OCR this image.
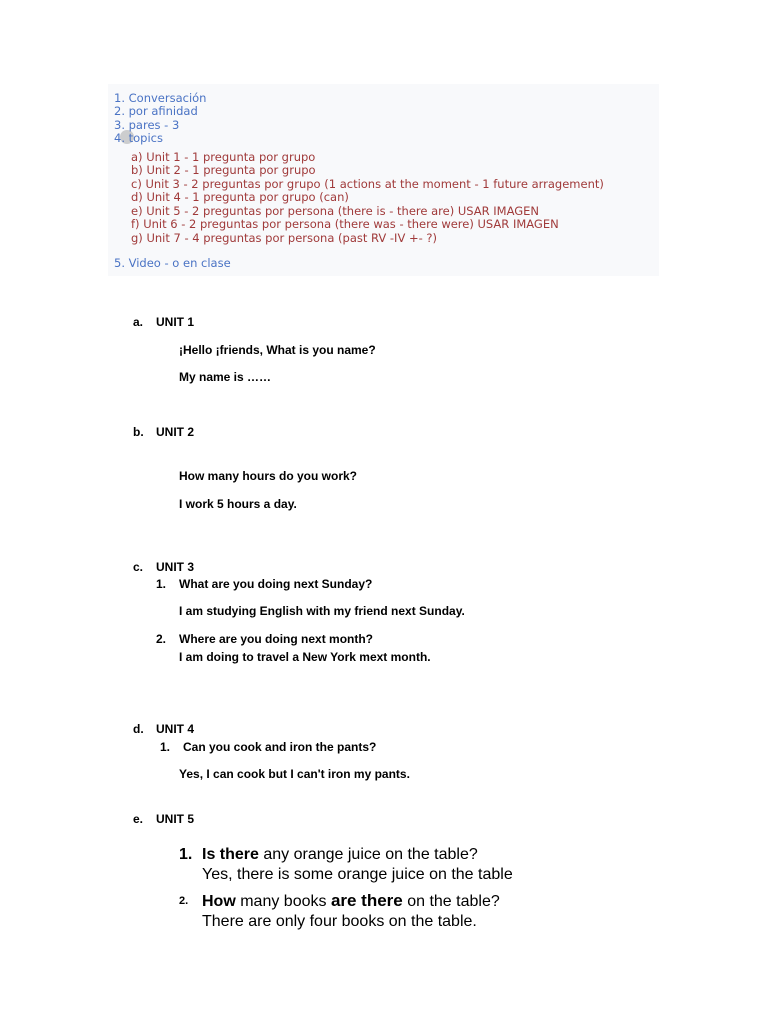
1. Conversación
2. por afinidad
3. pares - 3
4. topics
a) Unit 1 - 1 pregunta por grupo
b) Unit 2 - 1 pregunta por grupo
c) Unit 3 - 2 preguntas por grupo (1 actions at the moment - 1 future arragement)
d) Unit 4 - 1 pregunta por grupo (can)
e) Unit 5 - 2 preguntas por persona (there is - there are) USAR IMAGEN
f) Unit 6 - 2 preguntas por persona (there was - there were) USAR IMAGEN
g) Unit 7 - 4 preguntas por persona (past RV -IV +- ?)
5. Video - o en clase
a.	UNIT 1
¡Hello ¡friends, What is you name?
My name is ……
b.	UNIT 2
How many hours do you work?
I work 5 hours a day.
c.	UNIT 3
1. What are you doing next Sunday?
I am studying English with my friend next Sunday.
2. Where are you doing next month?
I am doing to travel a New York mext month.
d.	UNIT 4
1. Can you cook and iron the pants?
Yes, I can cook but I can't iron my pants.
e.	UNIT 5
1. Is there any orange juice on the table?
Yes, there is some orange juice on the table
2. How many books are there on the table?
There are only four books on the table.
